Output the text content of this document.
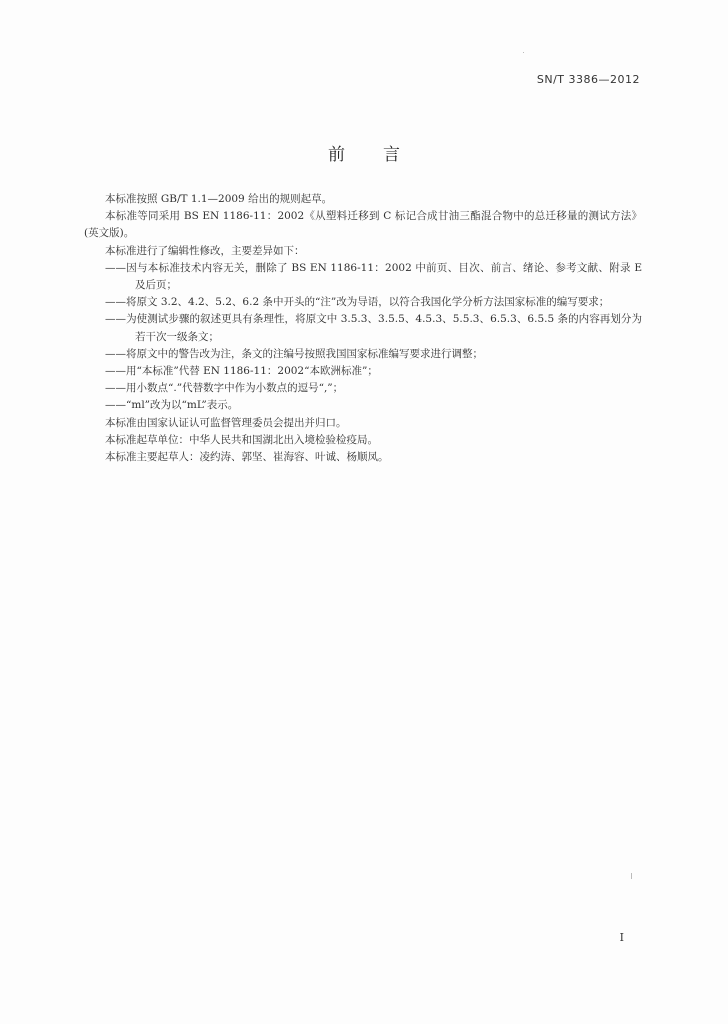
SN/T 3386—2012
前言

本标准按照 GB/T 1.1—2009 给出的规则起草。

本标准等同采用 BS EN 1186-11：2002《从塑料迁移到 C 标记合成甘油三酯混合物中的总迁移量的测试方法》(英文版)。

本标准进行了编辑性修改，主要差异如下：

——因与本标准技术内容无关，删除了 BS EN 1186-11：2002 中前页、目次、前言、绪论、参考文献、附录 E 及后页；

——将原文 3.2、4.2、5.2、6.2 条中开头的“注”改为导语，以符合我国化学分析方法国家标准的编写要求；

——为使测试步骤的叙述更具有条理性，将原文中 3.5.3、3.5.5、4.5.3、5.5.3、6.5.3、6.5.5 条的内容再划分为若干次一级条文；

——将原文中的警告改为注，条文的注编号按照我国国家标准编写要求进行调整；

——用“本标准”代替 EN 1186-11：2002“本欧洲标准”；

——用小数点“.”代替数字中作为小数点的逗号“,”；

——“ml”改为以“mL”表示。

本标准由国家认证认可监督管理委员会提出并归口。

本标准起草单位：中华人民共和国湖北出入境检验检疫局。

本标准主要起草人：凌约涛、郭坚、崔海容、叶诚、杨顺凤。

I
